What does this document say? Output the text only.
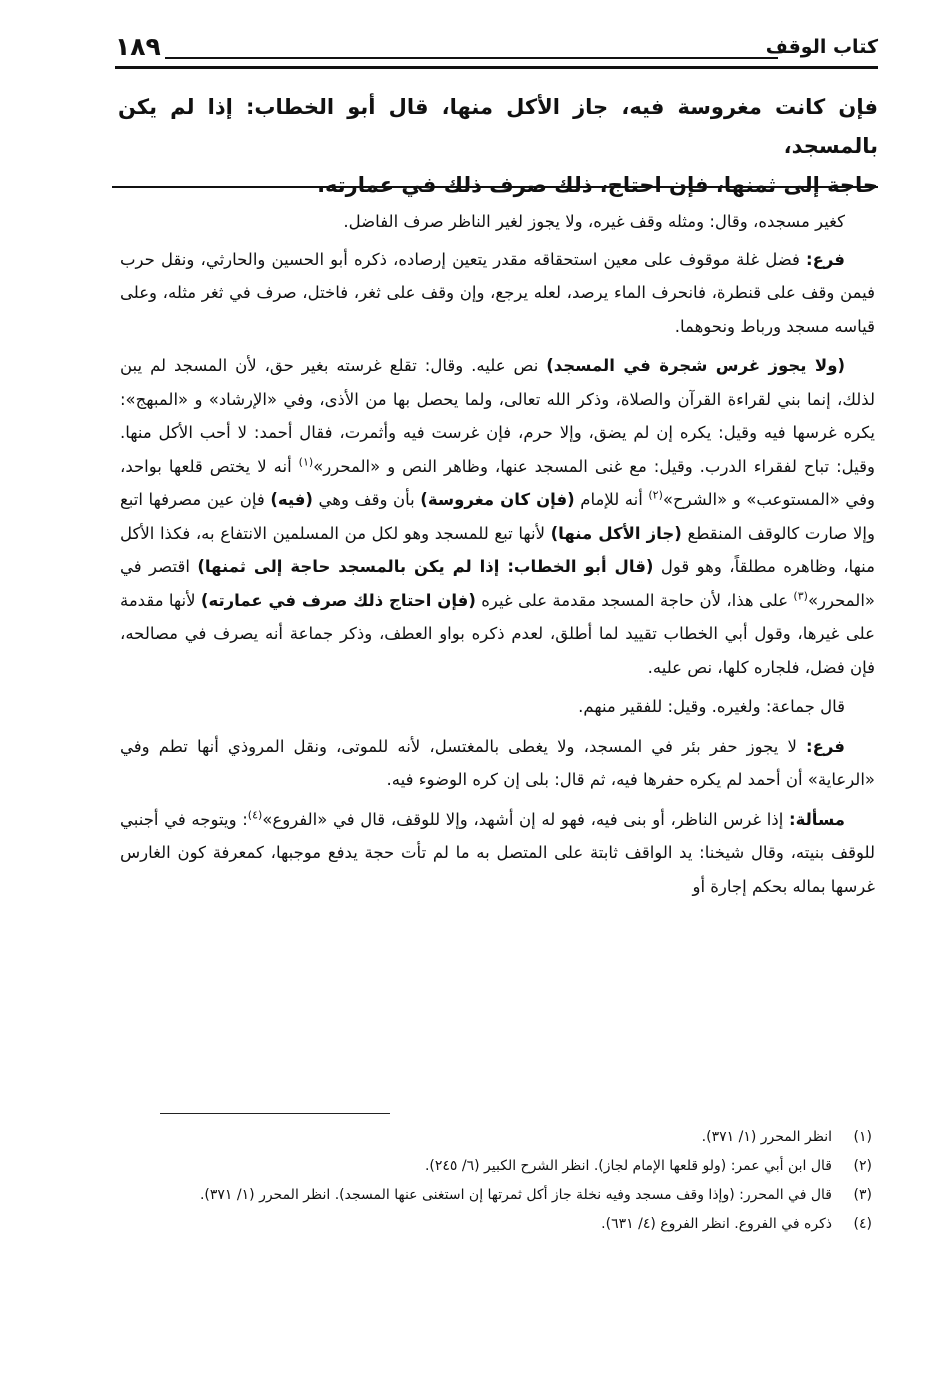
كتاب الوقف
١٨٩
فإن كانت مغروسة فيه، جاز الأكل منها، قال أبو الخطاب: إذا لم يكن بالمسجد،
حاجة إلى ثمنها، فإن احتاج، ذلك صرف ذلك في عمارته.

كغير مسجده، وقال: ومثله وقف غيره، ولا يجوز لغير الناظر صرف الفاضل.

فرع: فضل غلة موقوف على معين استحقاقه مقدر يتعين إرصاده، ذكره أبو الحسين والحارثي، ونقل حرب فيمن وقف على قنطرة، فانحرف الماء يرصد، لعله يرجع، وإن وقف على ثغر، فاختل، صرف في ثغر مثله، وعلى قياسه مسجد ورباط ونحوهما.

(ولا يجوز غرس شجرة في المسجد) نص عليه. وقال: تقلع غرسته بغير حق، لأن المسجد لم يبن لذلك، إنما بني لقراءة القرآن والصلاة، وذكر الله تعالى، ولما يحصل بها من الأذى، وفي «الإرشاد» و «المبهج»: يكره غرسها فيه وقيل: يكره إن لم يضق، وإلا حرم، فإن غرست فيه وأثمرت، فقال أحمد: لا أحب الأكل منها. وقيل: تباح لفقراء الدرب. وقيل: مع غنى المسجد عنها، وظاهر النص و «المحرر»$^{(١)}$ أنه لا يختص قلعها بواحد، وفي «المستوعب» و «الشرح»$^{(٢)}$ أنه للإمام (فإن كان مغروسة) بأن وقف وهي (فيه) فإن عين مصرفها اتبع وإلا صارت كالوقف المنقطع (جاز الأكل منها) لأنها تبع للمسجد وهو لكل من المسلمين الانتفاع به، فكذا الأكل منها، وظاهره مطلقاً، وهو قول (قال أبو الخطاب: إذا لم يكن بالمسجد حاجة إلى ثمنها) اقتصر في «المحرر»$^{(٣)}$ على هذا، لأن حاجة المسجد مقدمة على غيره (فإن احتاج ذلك صرف في عمارته) لأنها مقدمة على غيرها، وقول أبي الخطاب تقييد لما أطلق، لعدم ذكره بواو العطف، وذكر جماعة أنه يصرف في مصالحه، فإن فضل، فلجاره كلها، نص عليه.

قال جماعة: ولغيره. وقيل: للفقير منهم.

فرع: لا يجوز حفر بئر في المسجد، ولا يغطى بالمغتسل، لأنه للموتى، ونقل المروذي أنها تطم وفي «الرعاية» أن أحمد لم يكره حفرها فيه، ثم قال: بلى إن كره الوضوء فيه.

مسألة: إذا غرس الناظر، أو بنى فيه، فهو له إن أشهد، وإلا للوقف، قال في «الفروع»$^{(٤)}$: ويتوجه في أجنبي للوقف بنيته، وقال شيخنا: يد الواقف ثابتة على المتصل به ما لم تأت حجة يدفع موجبها، كمعرفة كون الغارس غرسها بماله بحكم إجارة أو

(١)
انظر المحرر (١/ ٣٧١).
(٢)
قال ابن أبي عمر: (ولو قلعها الإمام لجاز). انظر الشرح الكبير (٦/ ٢٤٥).
(٣)
قال في المحرر: (وإذا وقف مسجد وفيه نخلة جاز أكل ثمرتها إن استغنى عنها المسجد). انظر المحرر (١/ ٣٧١).
(٤)
ذكره في الفروع. انظر الفروع (٤/ ٦٣١).
